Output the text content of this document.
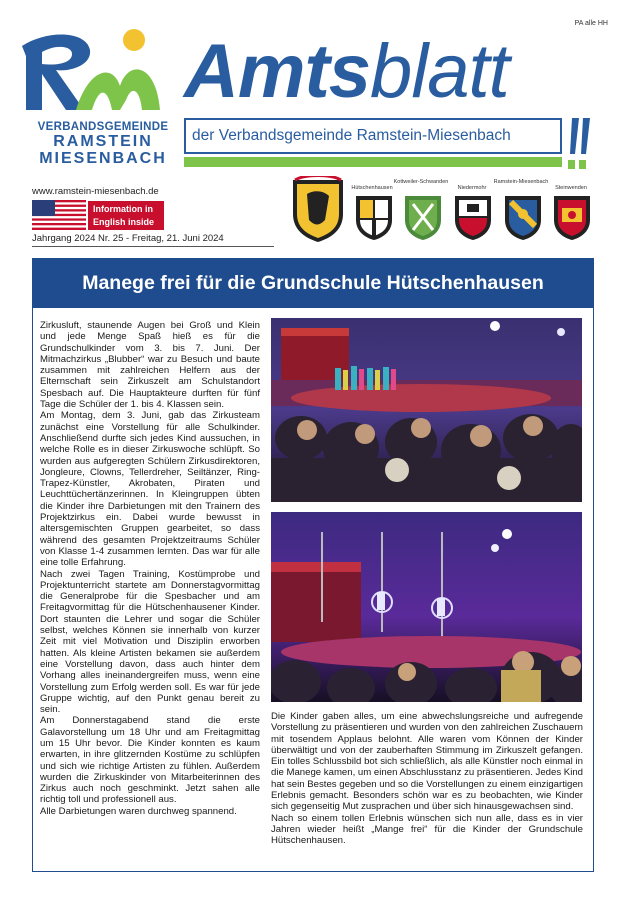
PA alle HH
VERBANDSGEMEINDE
RAMSTEIN
MIESENBACH
www.ramstein-miesenbach.de
Information in
English inside
Jahrgang 2024 Nr. 25 - Freitag, 21. Juni 2024
Amtsblatt
der Verbandsgemeinde Ramstein-Miesenbach
Hütschenhausen
Kottweiler-Schwanden
Niedermohr
Ramstein-Miesenbach
Steinwenden
Manege frei für die Grundschule Hütschenhausen

Zirkusluft, staunende Augen bei Groß und Klein und jede Menge Spaß hieß es für die Grundschulkinder vom 3. bis 7. Juni. Der Mitmachzirkus „Blubber“ war zu Besuch und baute zusammen mit zahlreichen Helfern aus der Elternschaft sein Zirkuszelt am Schulstandort Spesbach auf. Die Hauptakteure durften für fünf Tage die Schüler der 1. bis 4. Klassen sein.

Am Montag, dem 3. Juni, gab das Zirkusteam zunächst eine Vorstellung für alle Schulkinder. Anschließend durfte sich jedes Kind aussuchen, in welche Rolle es in dieser Zirkuswoche schlüpft. So wurden aus aufgeregten Schülern Zirkusdirektoren, Jongleure, Clowns, Tellerdreher, Seiltänzer, Ring-Trapez-Künstler, Akrobaten, Piraten und Leuchttüchertänzerinnen. In Kleingruppen übten die Kinder ihre Darbietungen mit den Trainern des Projektzirkus ein. Dabei wurde bewusst in altersgemischten Gruppen gearbeitet, so dass während des gesamten Projektzeitraums Schüler von Klasse 1-4 zusammen lernten. Das war für alle eine tolle Erfahrung.

Nach zwei Tagen Training, Kostümprobe und Projektunterricht startete am Donnerstagvormittag die Generalprobe für die Spesbacher und am Freitagvormittag für die Hütschenhausener Kinder. Dort staunten die Lehrer und sogar die Schüler selbst, welches Können sie innerhalb von kurzer Zeit mit viel Motivation und Disziplin erworben hatten. Als kleine Artisten bekamen sie außerdem eine Vorstellung davon, dass auch hinter dem Vorhang alles ineinandergreifen muss, wenn eine Vorstellung zum Erfolg werden soll. Es war für jede Gruppe wichtig, auf den Punkt genau bereit zu sein.

Am Donnerstagabend stand die erste Galavorstellung um 18 Uhr und am Freitagmittag um 15 Uhr bevor. Die Kinder konnten es kaum erwarten, in ihre glitzernden Kostüme zu schlüpfen und sich wie richtige Artisten zu fühlen. Außerdem wurden die Zirkuskinder von Mitarbeiterinnen des Zirkus auch noch geschminkt. Jetzt sahen alle richtig toll und professionell aus.

Alle Darbietungen waren durchweg spannend.

Die Kinder gaben alles, um eine abwechslungsreiche und aufregende Vorstellung zu präsentieren und wurden von den zahlreichen Zuschauern mit tosendem Applaus belohnt. Alle waren vom Können der Kinder überwältigt und von der zauberhaften Stimmung im Zirkuszelt gefangen. Ein tolles Schlussbild bot sich schließlich, als alle Künstler noch einmal in die Manege kamen, um einen Abschlusstanz zu präsentieren. Jedes Kind hat sein Bestes gegeben und so die Vorstellungen zu einem einzigartigen Erlebnis gemacht. Besonders schön war es zu beobachten, wie Kinder sich gegenseitig Mut zusprachen und über sich hinausgewachsen sind.

Nach so einem tollen Erlebnis wünschen sich nun alle, dass es in vier Jahren wieder heißt „Mange frei“ für die Kinder der Grundschule Hütschenhausen.
